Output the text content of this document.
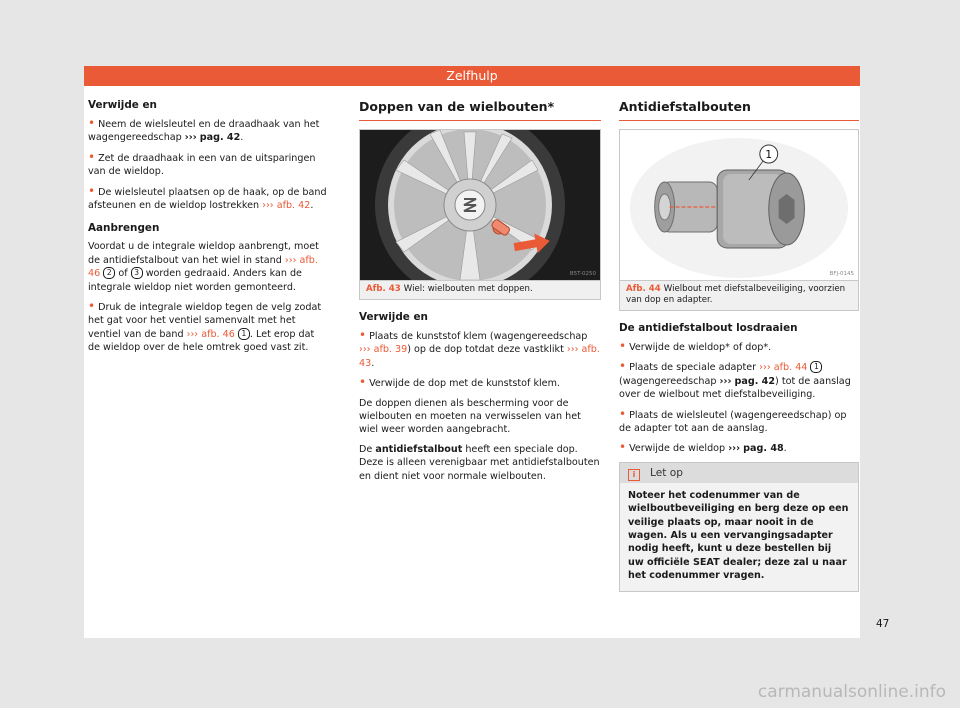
Zelfhulp

Verwijde en

• Neem de wielsleutel en de draadhaak van het wagengereedschap ››› pag. 42.

• Zet de draadhaak in een van de uitsparingen van de wieldop.

• De wielsleutel plaatsen op de haak, op de band afsteunen en de wieldop lostrekken ››› afb. 42.

Aanbrengen

Voordat u de integrale wieldop aanbrengt, moet de antidiefstalbout van het wiel in stand ››› afb. 46 2 of 3 worden gedraaid. Anders kan de integrale wieldop niet worden gemonteerd.

• Druk de integrale wieldop tegen de velg zodat het gat voor het ventiel samenvalt met het ventiel van de band ››› afb. 46 1 . Let erop dat de wieldop over de hele omtrek goed vast zit.

Doppen van de wielbouten*

B5T-0250
Afb. 43 Wiel: wielbouten met doppen.

Verwijde en

• Plaats de kunststof klem (wagengereedschap ››› afb. 39) op de dop totdat deze vastklikt ››› afb. 43.

• Verwijde de dop met de kunststof klem.

De doppen dienen als bescherming voor de wielbouten en moeten na verwisselen van het wiel weer worden aangebracht.

De antidiefstalbout heeft een speciale dop. Deze is alleen verenigbaar met antidiefstalbouten en dient niet voor normale wielbouten.

Antidiefstalbouten

1
BFJ-0145
Afb. 44 Wielbout met diefstalbeveiliging, voorzien van dop en adapter.

De antidiefstalbout losdraaien

• Verwijde de wieldop* of dop*.

• Plaats de speciale adapter ››› afb. 44 1 (wagengereedschap ››› pag. 42) tot de aanslag over de wielbout met diefstalbeveiliging.

• Plaats de wielsleutel (wagengereedschap) op de adapter tot aan de aanslag.

• Verwijde de wieldop ››› pag. 48.

i Let op
Noteer het codenummer van de wielboutbeveiliging en berg deze op een veilige plaats op, maar nooit in de wagen. Als u een vervangingsadapter nodig heeft, kunt u deze bestellen bij uw officiële SEAT dealer; deze zal u naar het codenummer vragen.
47
carmanualsonline.info
